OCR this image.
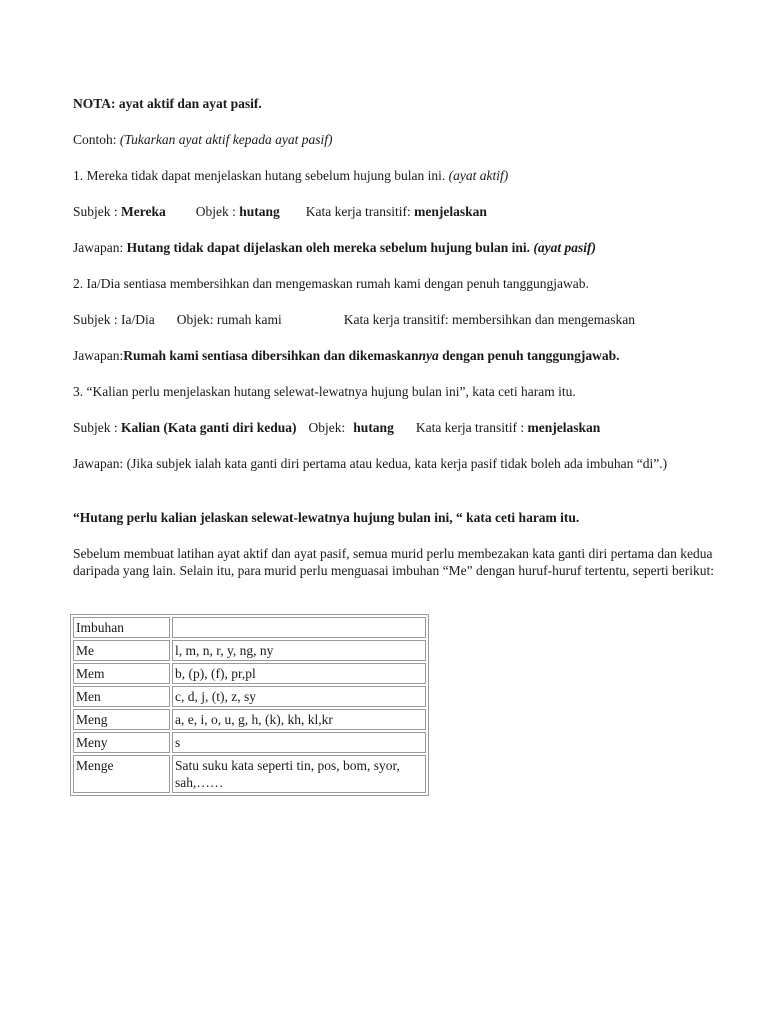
NOTA: ayat aktif dan ayat pasif.
Contoh: (Tukarkan ayat aktif kepada ayat pasif)
1. Mereka tidak dapat menjelaskan hutang sebelum hujung bulan ini. (ayat aktif)
Subjek : Mereka Objek : hutang Kata kerja transitif: menjelaskan
Jawapan: Hutang tidak dapat dijelaskan oleh mereka sebelum hujung bulan ini. (ayat pasif)
2. Ia/Dia sentiasa membersihkan dan mengemaskan rumah kami dengan penuh tanggungjawab.
Subjek : Ia/Dia Objek: rumah kami	Kata kerja transitif: membersihkan dan mengemaskan
Jawapan:Rumah kami sentiasa dibersihkan dan dikemaskannya dengan penuh tanggungjawab.
3. “Kalian perlu menjelaskan hutang selewat-lewatnya hujung bulan ini”, kata ceti haram itu.
Subjek : Kalian (Kata ganti diri kedua) Objek: hutang Kata kerja transitif : menjelaskan
Jawapan: (Jika subjek ialah kata ganti diri pertama atau kedua, kata kerja pasif tidak boleh ada imbuhan “di”.)
“Hutang perlu kalian jelaskan selewat-lewatnya hujung bulan ini, “ kata ceti haram itu.
Sebelum membuat latihan ayat aktif dan ayat pasif, semua murid perlu membezakan kata ganti diri pertama dan kedua daripada yang lain. Selain itu, para murid perlu menguasai imbuhan “Me” dengan huruf-huruf tertentu, seperti berikut:
Imbuhan	
Me	l, m, n, r, y, ng, ny
Mem	b, (p), (f), pr,pl
Men	c, d, j, (t), z, sy
Meng	a, e, i, o, u, g, h, (k), kh, kl,kr
Meny	s
Menge	Satu suku kata seperti tin, pos, bom, syor, sah,……
